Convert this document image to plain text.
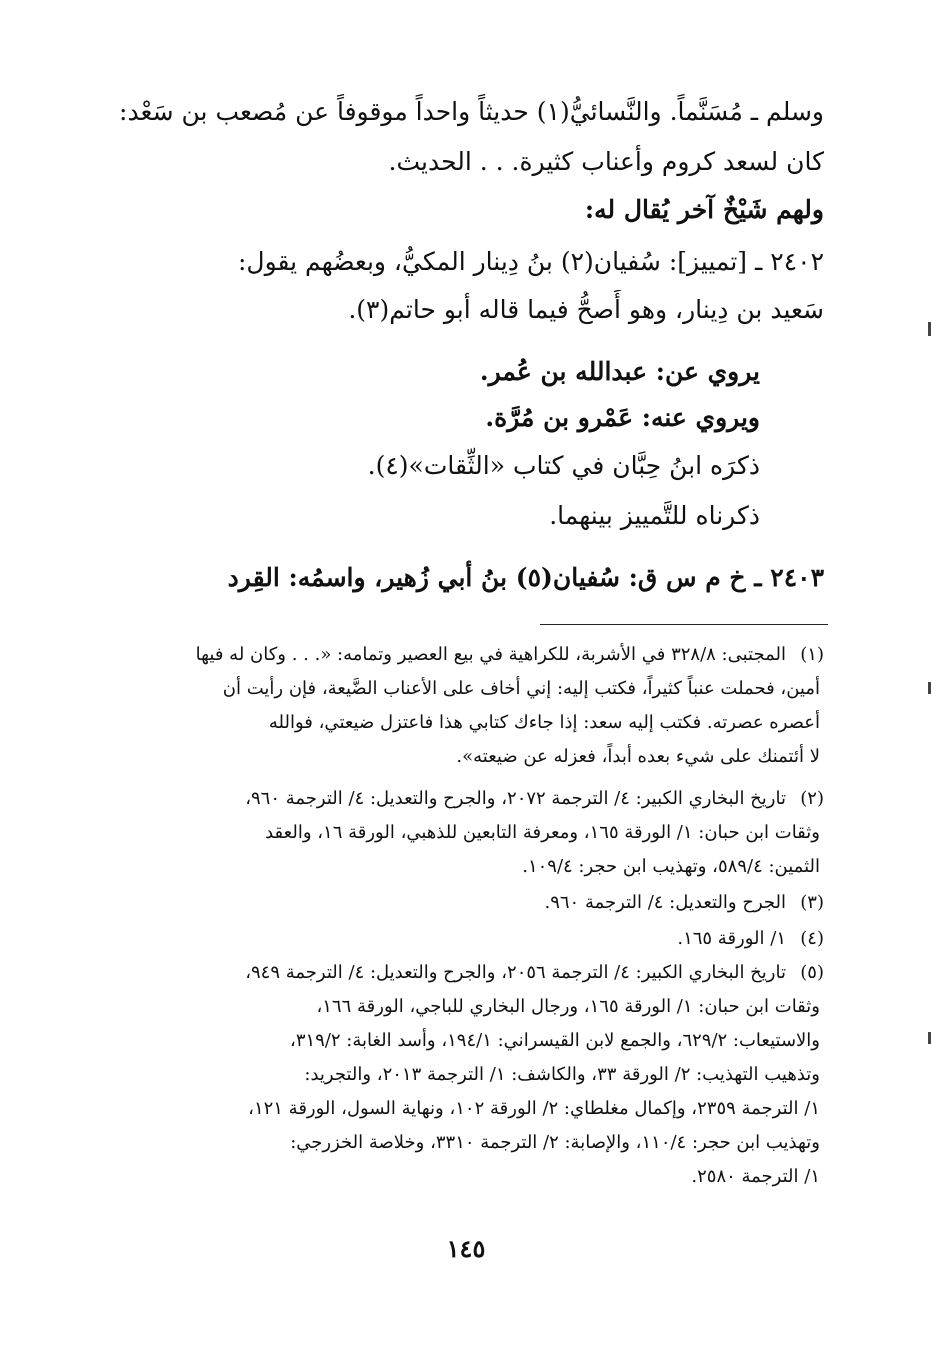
وسلم ـ مُسَنَّماً. والنَّسائيُّ(١) حديثاً واحداً موقوفاً عن مُصعب بن سَعْد:
كان لسعد كروم وأعناب كثيرة. . . الحديث.
ولهم شَيْخٌ آخر يُقال له:
٢٤٠٢ ـ [تمييز]: سُفيان(٢) بنُ دِينار المكيُّ، وبعضُهم يقول:
سَعيد بن دِينار، وهو أَصحُّ فيما قاله أبو حاتم(٣).
يروي عن: عبدالله بن عُمر.
ويروي عنه: عَمْرو بن مُرَّة.
ذكرَه ابنُ حِبَّان في كتاب «الثِّقات»(٤).
ذكرناه للتَّمييز بينهما.
٢٤٠٣ ـ خ م س ق: سُفيان(٥) بنُ أبي زُهير، واسمُه: القِرد
(١)
المجتبى: ٣٢٨/٨ في الأشربة، للكراهية في بيع العصير وتمامه: «. . . وكان له فيها
أمين، فحملت عنباً كثيراً، فكتب إليه: إني أخاف على الأعناب الضَّيعة، فإن رأيت أن
أعصره عصرته. فكتب إليه سعد: إذا جاءك كتابي هذا فاعتزل ضيعتي، فوالله
لا أئتمنك على شيء بعده أبداً، فعزله عن ضيعته».
(٢)
تاريخ البخاري الكبير: ٤/ الترجمة ٢٠٧٢، والجرح والتعديل: ٤/ الترجمة ٩٦٠،
وثقات ابن حبان: ١/ الورقة ١٦٥، ومعرفة التابعين للذهبي، الورقة ١٦، والعقد
الثمين: ٥٨٩/٤، وتهذيب ابن حجر: ١٠٩/٤.
(٣)
الجرح والتعديل: ٤/ الترجمة ٩٦٠.
(٤)
١/ الورقة ١٦٥.
(٥)
تاريخ البخاري الكبير: ٤/ الترجمة ٢٠٥٦، والجرح والتعديل: ٤/ الترجمة ٩٤٩،
وثقات ابن حبان: ١/ الورقة ١٦٥، ورجال البخاري للباجي، الورقة ١٦٦،
والاستيعاب: ٦٢٩/٢، والجمع لابن القيسراني: ١٩٤/١، وأسد الغابة: ٣١٩/٢،
وتذهيب التهذيب: ٢/ الورقة ٣٣، والكاشف: ١/ الترجمة ٢٠١٣، والتجريد:
١/ الترجمة ٢٣٥٩، وإكمال مغلطاي: ٢/ الورقة ١٠٢، ونهاية السول، الورقة ١٢١،
وتهذيب ابن حجر: ١١٠/٤، والإصابة: ٢/ الترجمة ٣٣١٠، وخلاصة الخزرجي:
١/ الترجمة ٢٥٨٠.
١٤٥
